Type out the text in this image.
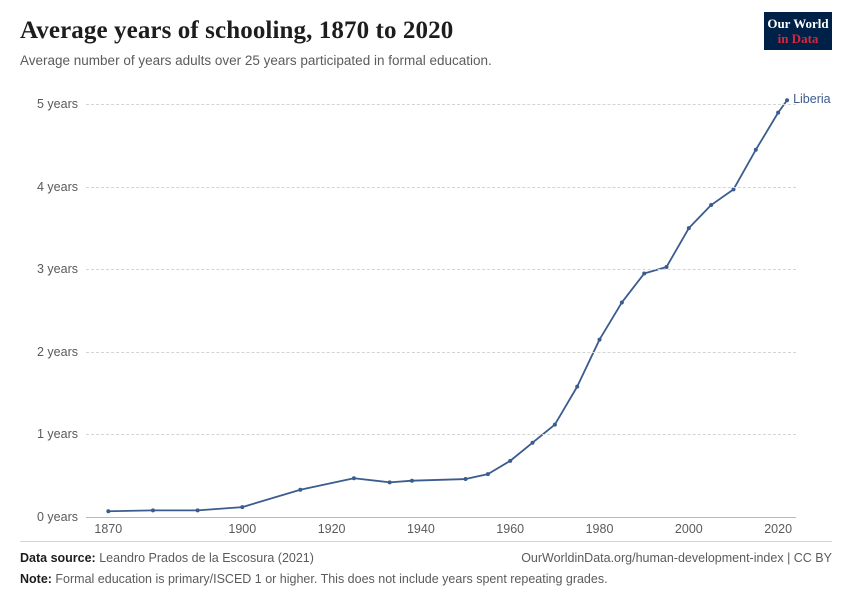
Average years of schooling, 1870 to 2020

Average number of years adults over 25 years participated in formal education.

Our World
in Data
0 years
1 years
2 years
3 years
4 years
5 years
1870	1900	1920	1940	1960	1980	2000	2020
Liberia
Data source: Leandro Prados de la Escosura (2021)	OurWorldinData.org/human-development-index | CC BY
Note: Formal education is primary/ISCED 1 or higher. This does not include years spent repeating grades.
